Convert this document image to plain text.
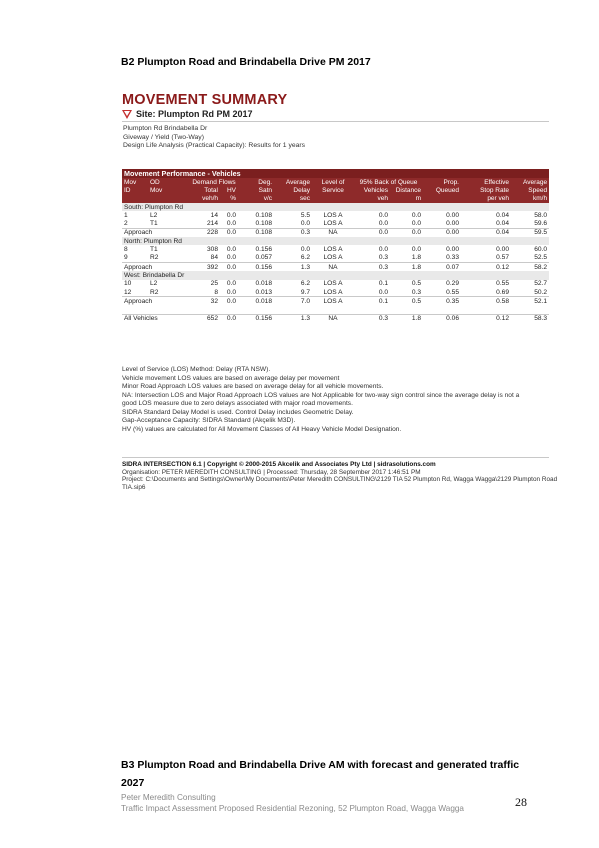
B2 Plumpton Road and Brindabella Drive PM 2017
MOVEMENT SUMMARY
Site: Plumpton Rd PM 2017
Plumpton Rd Brindabella Dr
Giveway / Yield (Two-Way)
Design Life Analysis (Practical Capacity): Results for 1 years
Movement Performance - Vehicles											
Mov	OD	Demand Flows		Deg.	Average	Level of	95% Back of Queue		Prop.	Effective	Average
ID	Mov	Total	HV	Satn	Delay	Service	Vehicles	Distance	Queued	Stop Rate	Speed
		veh/h	%	v/c	sec		veh	m		per veh	km/h
South: Plumpton Rd											
1	L2	14	0.0	0.108	5.5	LOS A	0.0	0.0	0.00	0.04	58.0
2	T1	214	0.0	0.108	0.0	LOS A	0.0	0.0	0.00	0.04	59.6
Approach		228	0.0	0.108	0.3	NA	0.0	0.0	0.00	0.04	59.5
North: Plumpton Rd											
8	T1	308	0.0	0.156	0.0	LOS A	0.0	0.0	0.00	0.00	60.0
9	R2	84	0.0	0.057	6.2	LOS A	0.3	1.8	0.33	0.57	52.5
Approach		392	0.0	0.156	1.3	NA	0.3	1.8	0.07	0.12	58.2
West: Brindabella Dr											
10	L2	25	0.0	0.018	6.2	LOS A	0.1	0.5	0.29	0.55	52.7
12	R2	8	0.0	0.013	9.7	LOS A	0.0	0.3	0.55	0.69	50.2
Approach		32	0.0	0.018	7.0	LOS A	0.1	0.5	0.35	0.58	52.1

All Vehicles		652	0.0	0.156	1.3	NA	0.3	1.8	0.06	0.12	58.3
Level of Service (LOS) Method: Delay (RTA NSW).
Vehicle movement LOS values are based on average delay per movement
Minor Road Approach LOS values are based on average delay for all vehicle movements.
NA: Intersection LOS and Major Road Approach LOS values are Not Applicable for two-way sign control since the average delay is not a
good LOS measure due to zero delays associated with major road movements.
SIDRA Standard Delay Model is used. Control Delay includes Geometric Delay.
Gap-Acceptance Capacity: SIDRA Standard (Akçelik M3D).
HV (%) values are calculated for All Movement Classes of All Heavy Vehicle Model Designation.
SIDRA INTERSECTION 6.1 | Copyright © 2000-2015 Akcelik and Associates Pty Ltd | sidrasolutions.com
Organisation: PETER MEREDITH CONSULTING | Processed: Thursday, 28 September 2017 1:46:51 PM
Project: C:\Documents and Settings\Owner\My Documents\Peter Meredith CONSULTING\2129 TIA 52 Plumpton Rd, Wagga Wagga\2129 Plumpton Road
TIA.sip6
B3 Plumpton Road and Brindabella Drive AM with forecast and generated traffic
2027
Peter Meredith Consulting
Traffic Impact Assessment Proposed Residential Rezoning, 52 Plumpton Road, Wagga Wagga	28
